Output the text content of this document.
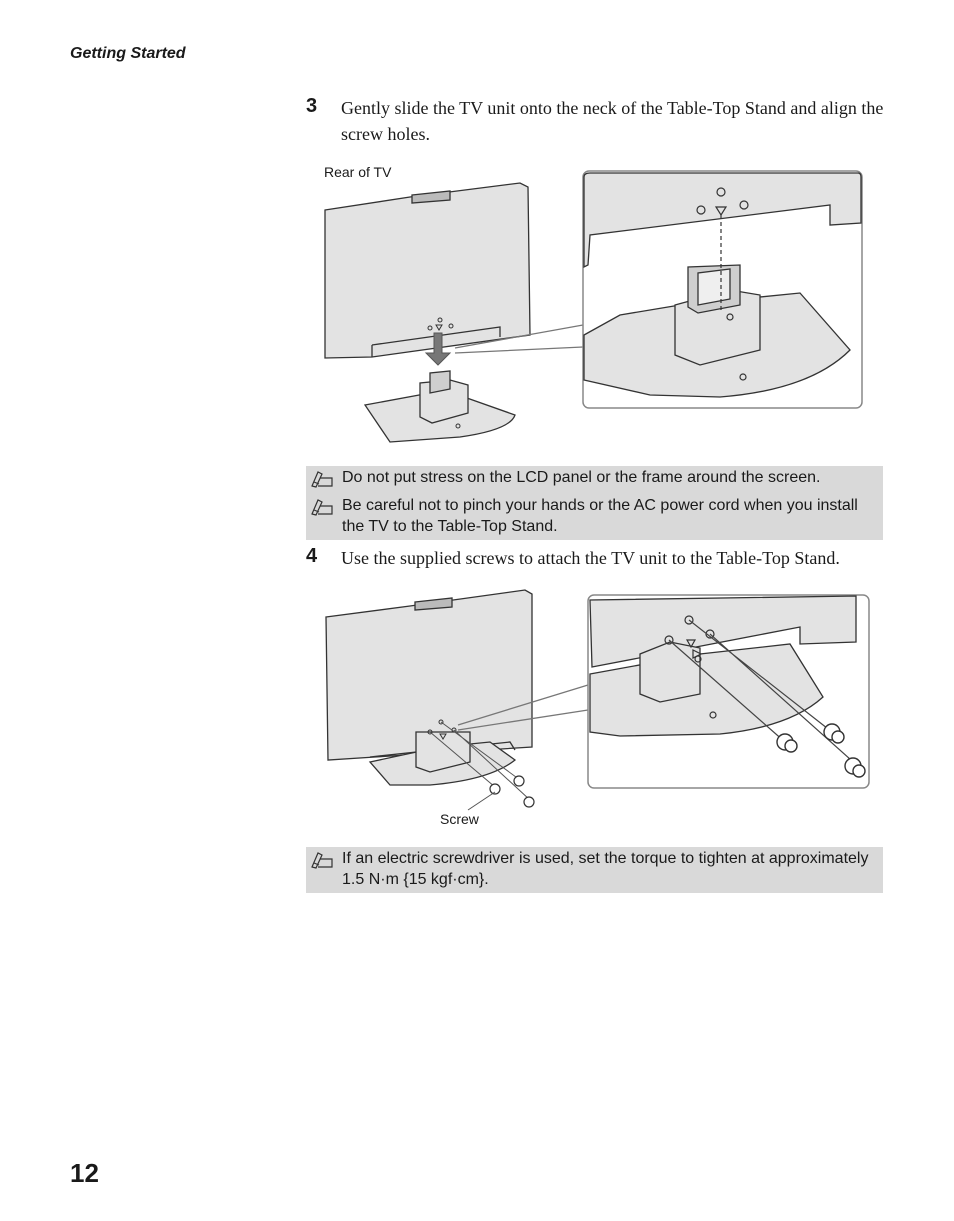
Getting Started
3 Gently slide the TV unit onto the neck of the Table-Top Stand and align the screw holes.
Rear of TV
Do not put stress on the LCD panel or the frame around the screen.
Be careful not to pinch your hands or the AC power cord when you install the TV to the Table-Top Stand.
4 Use the supplied screws to attach the TV unit to the Table-Top Stand.
Screw
If an electric screwdriver is used, set the torque to tighten at approximately 1.5 N·m {15 kgf·cm}.
12
